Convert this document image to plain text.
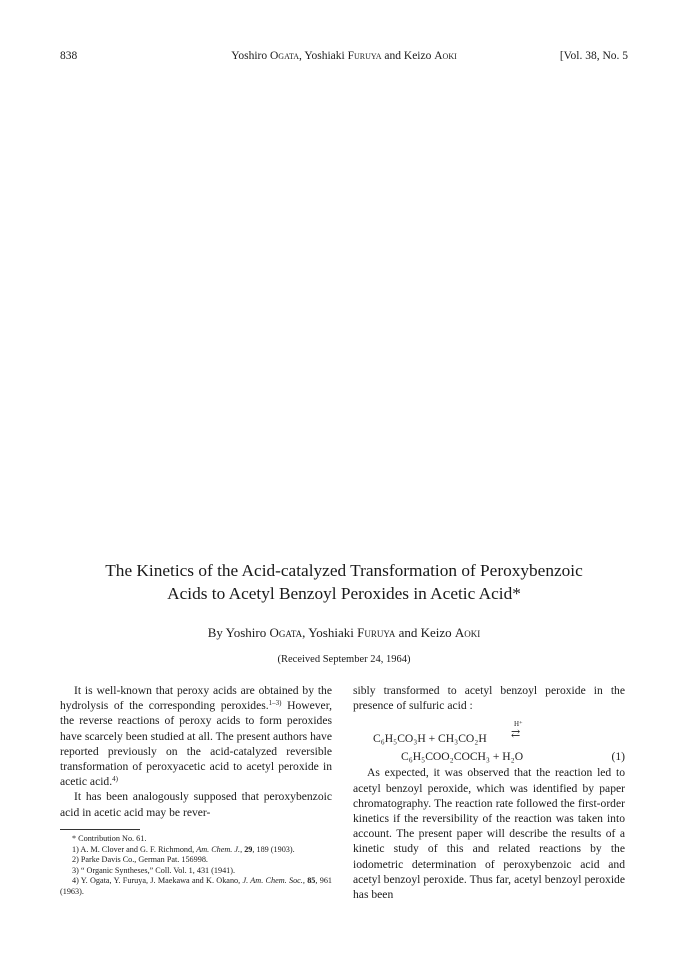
838	Yoshiro Ogata, Yoshiaki Furuya and Keizo Aoki	[Vol. 38, No. 5
The Kinetics of the Acid-catalyzed Transformation of Peroxybenzoic
Acids to Acetyl Benzoyl Peroxides in Acetic Acid*
By Yoshiro Ogata, Yoshiaki Furuya and Keizo Aoki
(Received September 24, 1964)

It is well-known that peroxy acids are obtained by the hydrolysis of the corresponding peroxides.$^{1-3)}$ However, the reverse reactions of peroxy acids to form peroxides have scarcely been studied at all. The present authors have reported previously on the acid-catalyzed reversible transformation of peroxyacetic acid to acetyl peroxide in acetic acid.$^{4)}$

It has been analogously supposed that peroxybenzoic acid in acetic acid may be rever-

* Contribution No. 61.
1) A. M. Clover and G. F. Richmond, Am. Chem. J., 29, 189 (1903).
2) Parke Davis Co., German Pat. 156998.
3) “ Organic Syntheses,” Coll. Vol. 1, 431 (1941).
4) Y. Ogata, Y. Furuya, J. Maekawa and K. Okano, J. Am. Chem. Soc., 85, 961 (1963).

sibly transformed to acetyl benzoyl peroxide in the presence of sulfuric acid :

H⁺
⇄
C₆H₅CO₃H + CH₃CO₂H
C₆H₅COO₂COCH₃ + H₂O	(1)

As expected, it was observed that the reaction led to acetyl benzoyl peroxide, which was identified by paper chromatography. The reaction rate followed the first-order kinetics if the reversibility of the reaction was taken into account. The present paper will describe the results of a kinetic study of this and related reactions by the iodometric determination of peroxybenzoic acid and acetyl benzoyl peroxide. Thus far, acetyl benzoyl peroxide has been
